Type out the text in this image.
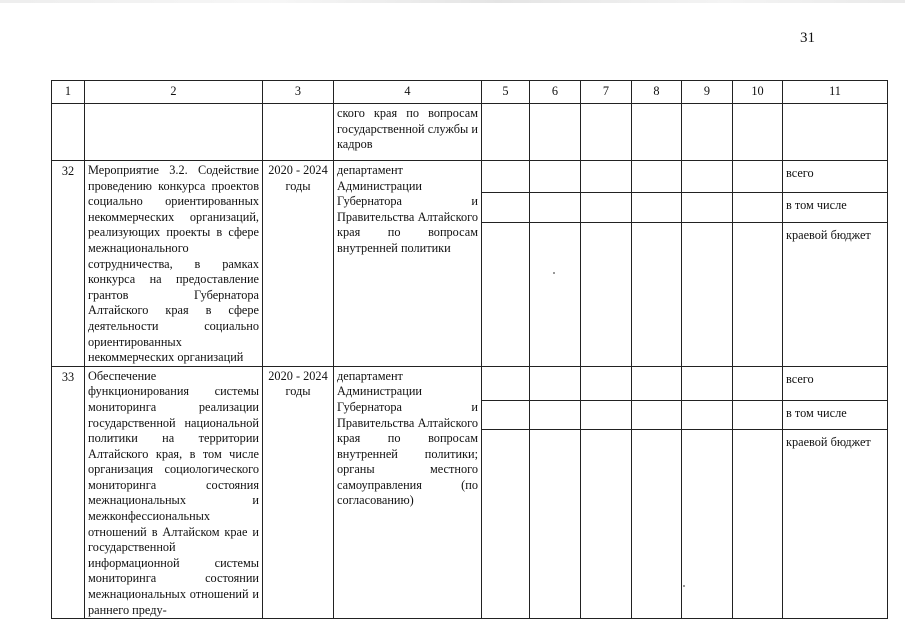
31
1	2	3	4	5	6	7	8	9	10	11
			ского края по вопросам государственной службы и кадров							
32	Мероприятие 3.2. Содействие проведению конкурса проектов социально ориентированных некоммерческих организаций, реализующих проекты в сфере межнационального сотрудничества, в рамках конкурса на предоставление грантов Губернатора Алтайского края в сфере деятельности социально ориентированных некоммерческих организаций	2020 - 2024 годы	департамент Администрации Губернатора и Правительства Алтайского края по вопросам внутренней политики							всего
										в том числе
										краевой бюджет
33	Обеспечение функционирования системы мониторинга реализации государственной национальной политики на территории Алтайского края, в том числе организация социологического мониторинга состояния межнациональных и межконфессиональных отношений в Алтайском крае и государственной информационной системы мониторинга состоянии межнациональных отношений и раннего преду-	2020 - 2024 годы	департамент Администрации Губернатора и Правительства Алтайского края по вопросам внутренней политики; органы местного самоуправления (по согласованию)							всего
										в том числе
										краевой бюджет
